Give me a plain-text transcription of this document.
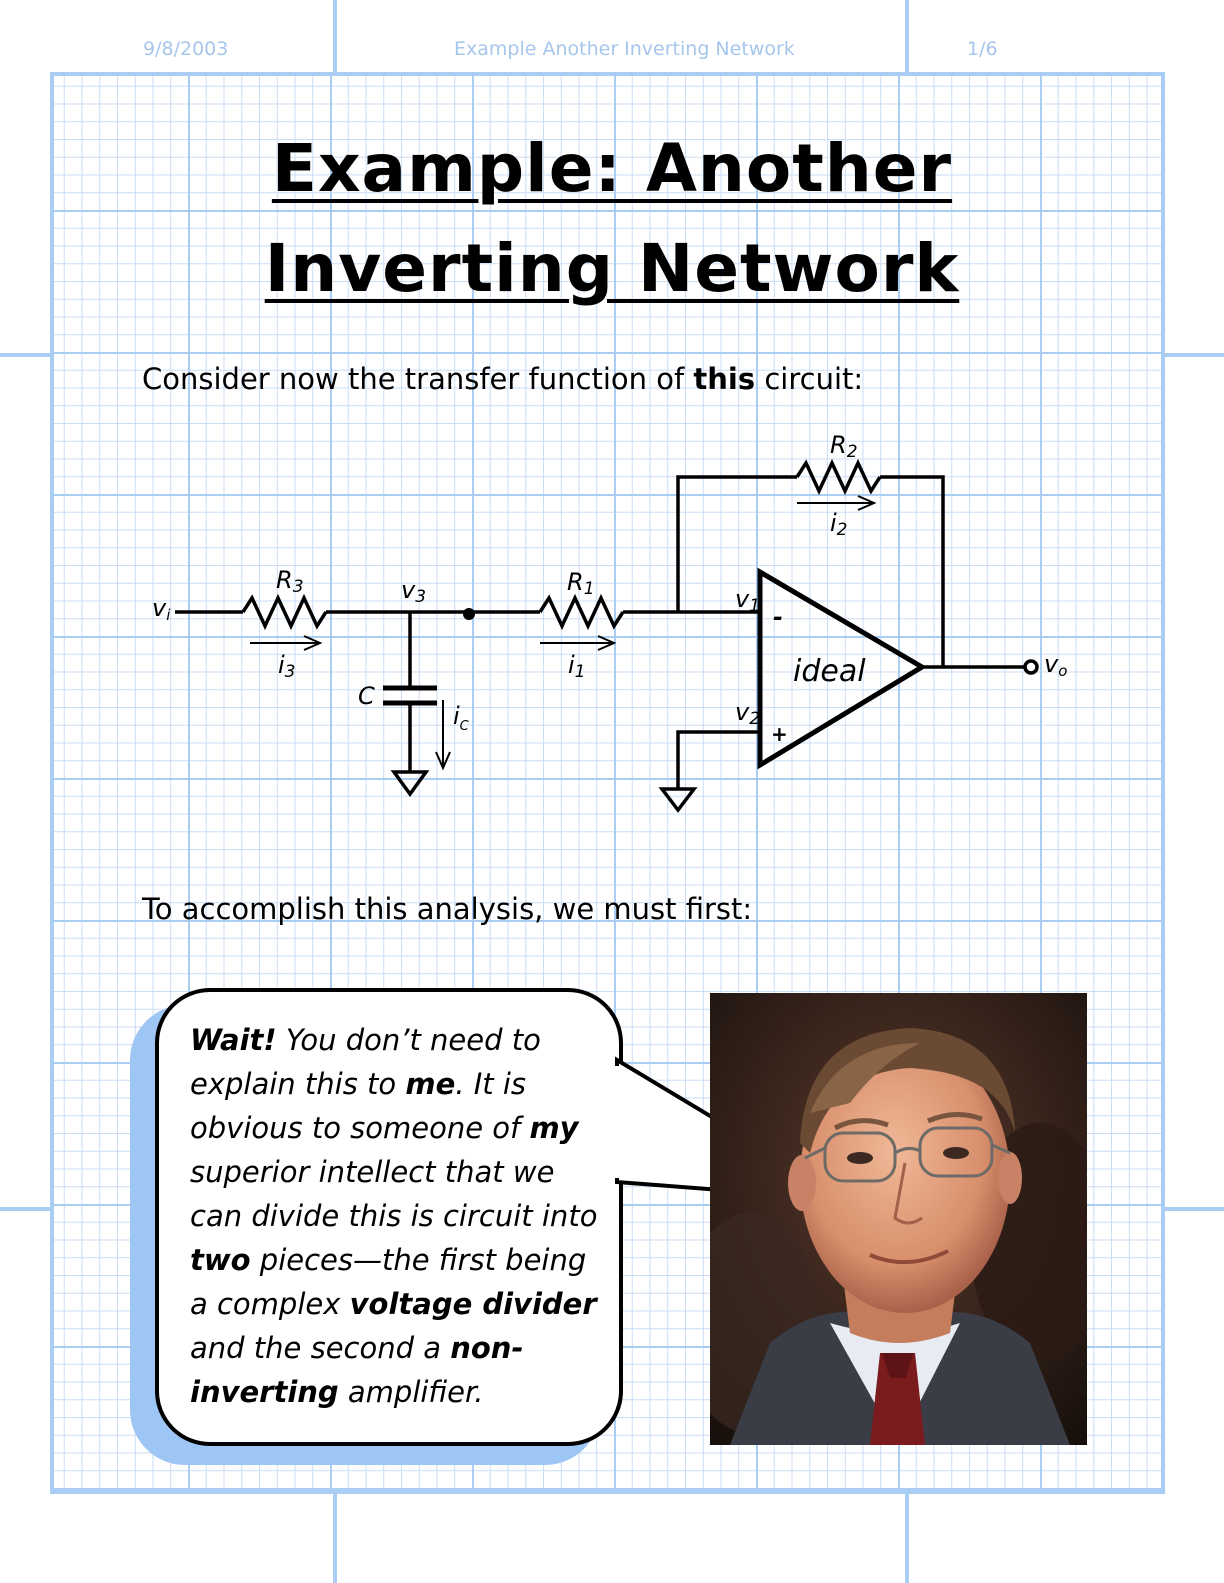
9/8/2003	Example Another Inverting Network	1/6
Example: Another
Inverting Network
Consider now the transfer function of this circuit:
vi
R3	v3
R1
R2
i3	i1
i2
$i_C$
C
v1
v2
-
+
ideal	vo
To accomplish this analysis, we must first:
Wait! You don’t need to explain this to me. It is obvious to someone of my superior intellect that we can divide this is circuit into two pieces—the first being a complex voltage divider and the second a non-inverting amplifier.
